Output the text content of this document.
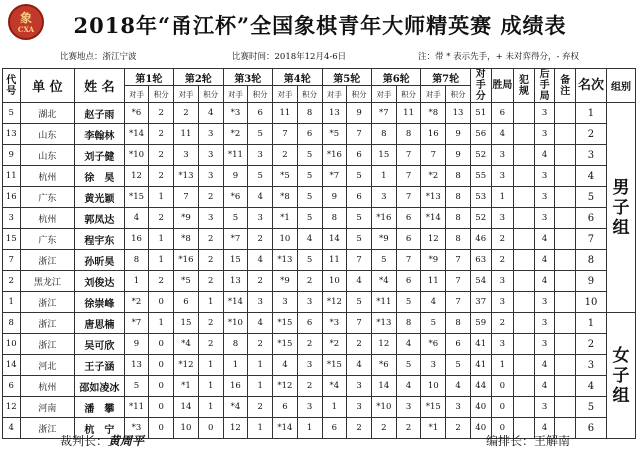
象
CXA	2018年“甬江杯”全国象棋青年大师精英赛 成绩表
比赛地点：浙江宁波	比赛时间：2018年12月4-6日	注：带 * 表示先手，+ 未对弈得分，- 弃权
代号	单 位	姓 名	第1轮		第2轮		第3轮		第4轮		第5轮		第6轮		第7轮		对手分	胜局	犯规	后手局	备注	名次	组别
			对手	积分	对手	积分	对手	积分	对手	积分	对手	积分	对手	积分	对手	积分							
5	湖北	赵子雨	*6	2	2	4	*3	6	11	8	13	9	*7	11	*8	13	51	6		3		1	男子组
13	山东	李翰林	*14	2	11	3	*2	5	7	6	*5	7	8	8	16	9	56	4		3		2	
9	山东	刘子健	*10	2	3	3	*11	3	2	5	*16	6	15	7	7	9	52	3		4		3	
11	杭州	徐　昊	12	2	*13	3	9	5	*5	5	*7	5	1	7	*2	8	55	3		3		4	
16	广东	黄光颖	*15	1	7	2	*6	4	*8	5	9	6	3	7	*13	8	53	1		3		5	
3	杭州	郭凤达	4	2	*9	3	5	3	*1	5	8	5	*16	6	*14	8	52	3		3		6	
15	广东	程宇东	16	1	*8	2	*7	2	10	4	14	5	*9	6	12	8	46	2		4		7	
7	浙江	孙昕昊	8	1	*16	2	15	4	*13	5	11	7	5	7	*9	7	63	2		4		8	
2	黑龙江	刘俊达	1	2	*5	2	13	2	*9	2	10	4	*4	6	11	7	54	3		4		9	
1	浙江	徐崇峰	*2	0	6	1	*14	3	3	3	*12	5	*11	5	4	7	37	3		3		10	
8	浙江	唐思楠	*7	1	15	2	*10	4	*15	6	*3	7	*13	8	5	8	59	2		3		1	女子组
10	浙江	吴可欣	9	0	*4	2	8	2	*15	2	*2	2	12	4	*6	6	41	3		3		2	
14	河北	王子涵	13	0	*12	1	1	1	4	3	*15	4	*6	5	3	5	41	1		4		3	
6	杭州	邵如凌冰	5	0	*1	1	16	1	*12	2	*4	3	14	4	10	4	44	0		4		4	
12	河南	潘　攀	*11	0	14	1	*4	2	6	3	1	3	*10	3	*15	3	40	0		3		5	
4	浙江	杭　宁	*3	0	10	0	12	1	*14	1	6	2	2	2	*1	2	40	0		4		6	
裁判长：黄周平	编排长：王解南
